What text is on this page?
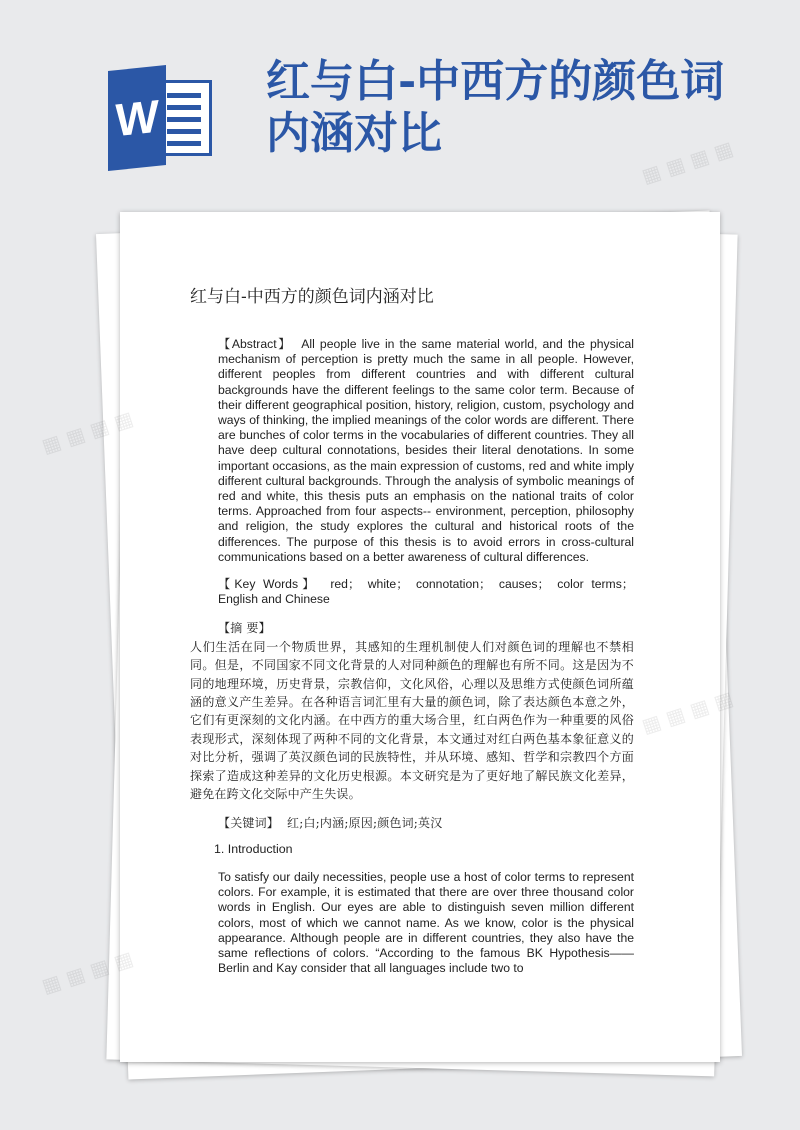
W
红与白-中西方的颜色词内涵对比
红与白-中西方的颜色词内涵对比

【Abstract】 All people live in the same material world, and the physical mechanism of perception is pretty much the same in all people. However, different peoples from different countries and with different cultural backgrounds have the different feelings to the same color term. Because of their different geographical position, history, religion, custom, psychology and ways of thinking, the implied meanings of the color words are different. There are bunches of color terms in the vocabularies of different countries. They all have deep cultural connotations, besides their literal denotations. In some important occasions, as the main expression of customs, red and white imply different cultural backgrounds. Through the analysis of symbolic meanings of red and white, this thesis puts an emphasis on the national traits of color terms. Approached from four aspects-- environment, perception, philosophy and religion, the study explores the cultural and historical roots of the differences. The purpose of this thesis is to avoid errors in cross-cultural communications based on a better awareness of cultural differences.

【Key Words】 red； white； connotation； causes； color terms； English and Chinese

【摘 要】

人们生活在同一个物质世界，其感知的生理机制使人们对颜色词的理解也不禁相同。但是，不同国家不同文化背景的人对同种颜色的理解也有所不同。这是因为不同的地理环境，历史背景，宗教信仰，文化风俗，心理以及思维方式使颜色词所蕴涵的意义产生差异。在各种语言词汇里有大量的颜色词，除了表达颜色本意之外，它们有更深刻的文化内涵。在中西方的重大场合里，红白两色作为一种重要的风俗表现形式，深刻体现了两种不同的文化背景，本文通过对红白两色基本象征意义的对比分析，强调了英汉颜色词的民族特性，并从环境、感知、哲学和宗教四个方面探索了造成这种差异的文化历史根源。本文研究是为了更好地了解民族文化差异，避免在跨文化交际中产生失误。

【关键词】 红;白;内涵;原因;颜色词;英汉

1. Introduction

To satisfy our daily necessities, people use a host of color terms to represent colors. For example, it is estimated that there are over three thousand color words in English. Our eyes are able to distinguish seven million different colors, most of which we cannot name. As we know, color is the physical appearance. Although people are in different countries, they also have the same reflections of colors. “According to the famous BK Hypothesis——Berlin and Kay consider that all languages include two to

▦ ▦ ▦ ▦
▦ ▦ ▦ ▦
▦ ▦ ▦ ▦
